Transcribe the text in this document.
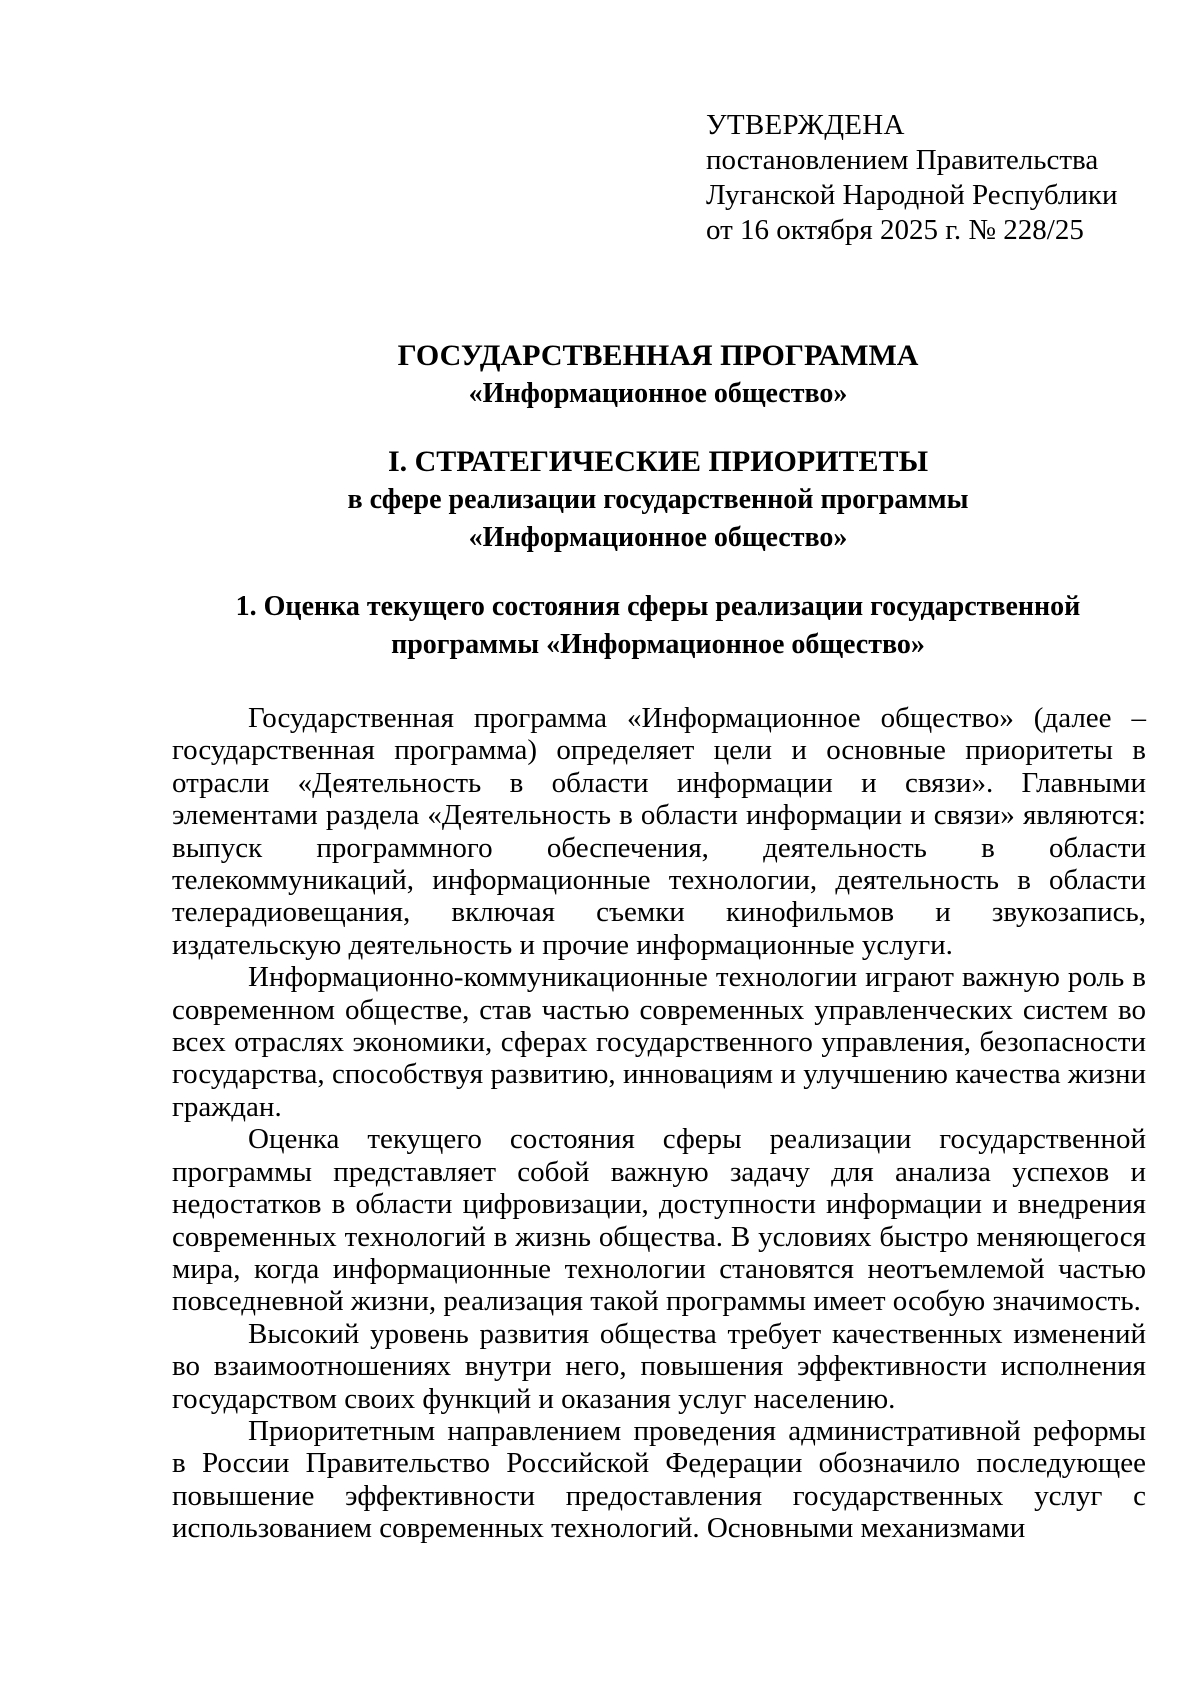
УТВЕРЖДЕНА
постановлением Правительства
Луганской Народной Республики
от 16 октября 2025 г. № 228/25
ГОСУДАРСТВЕННАЯ ПРОГРАММА
«Информационное общество»
I. СТРАТЕГИЧЕСКИЕ ПРИОРИТЕТЫ
в сфере реализации государственной программы
«Информационное общество»
1. Оценка текущего состояния сферы реализации государственной
программы «Информационное общество»

Государственная программа «Информационное общество» (далее – государственная программа) определяет цели и основные приоритеты в отрасли «Деятельность в области информации и связи». Главными элементами раздела «Деятельность в области информации и связи» являются: выпуск программного обеспечения, деятельность в области телекоммуникаций, информационные технологии, деятельность в области телерадиовещания, включая съемки кинофильмов и звукозапись, издательскую деятельность и прочие информационные услуги.

Информационно-коммуникационные технологии играют важную роль в современном обществе, став частью современных управленческих систем во всех отраслях экономики, сферах государственного управления, безопасности государства, способствуя развитию, инновациям и улучшению качества жизни граждан.

Оценка текущего состояния сферы реализации государственной программы представляет собой важную задачу для анализа успехов и недостатков в области цифровизации, доступности информации и внедрения современных технологий в жизнь общества. В условиях быстро меняющегося мира, когда информационные технологии становятся неотъемлемой частью повседневной жизни, реализация такой программы имеет особую значимость.

Высокий уровень развития общества требует качественных изменений во взаимоотношениях внутри него, повышения эффективности исполнения государством своих функций и оказания услуг населению.

Приоритетным направлением проведения административной реформы в России Правительство Российской Федерации обозначило последующее повышение эффективности предоставления государственных услуг с использованием современных технологий. Основными механизмами
